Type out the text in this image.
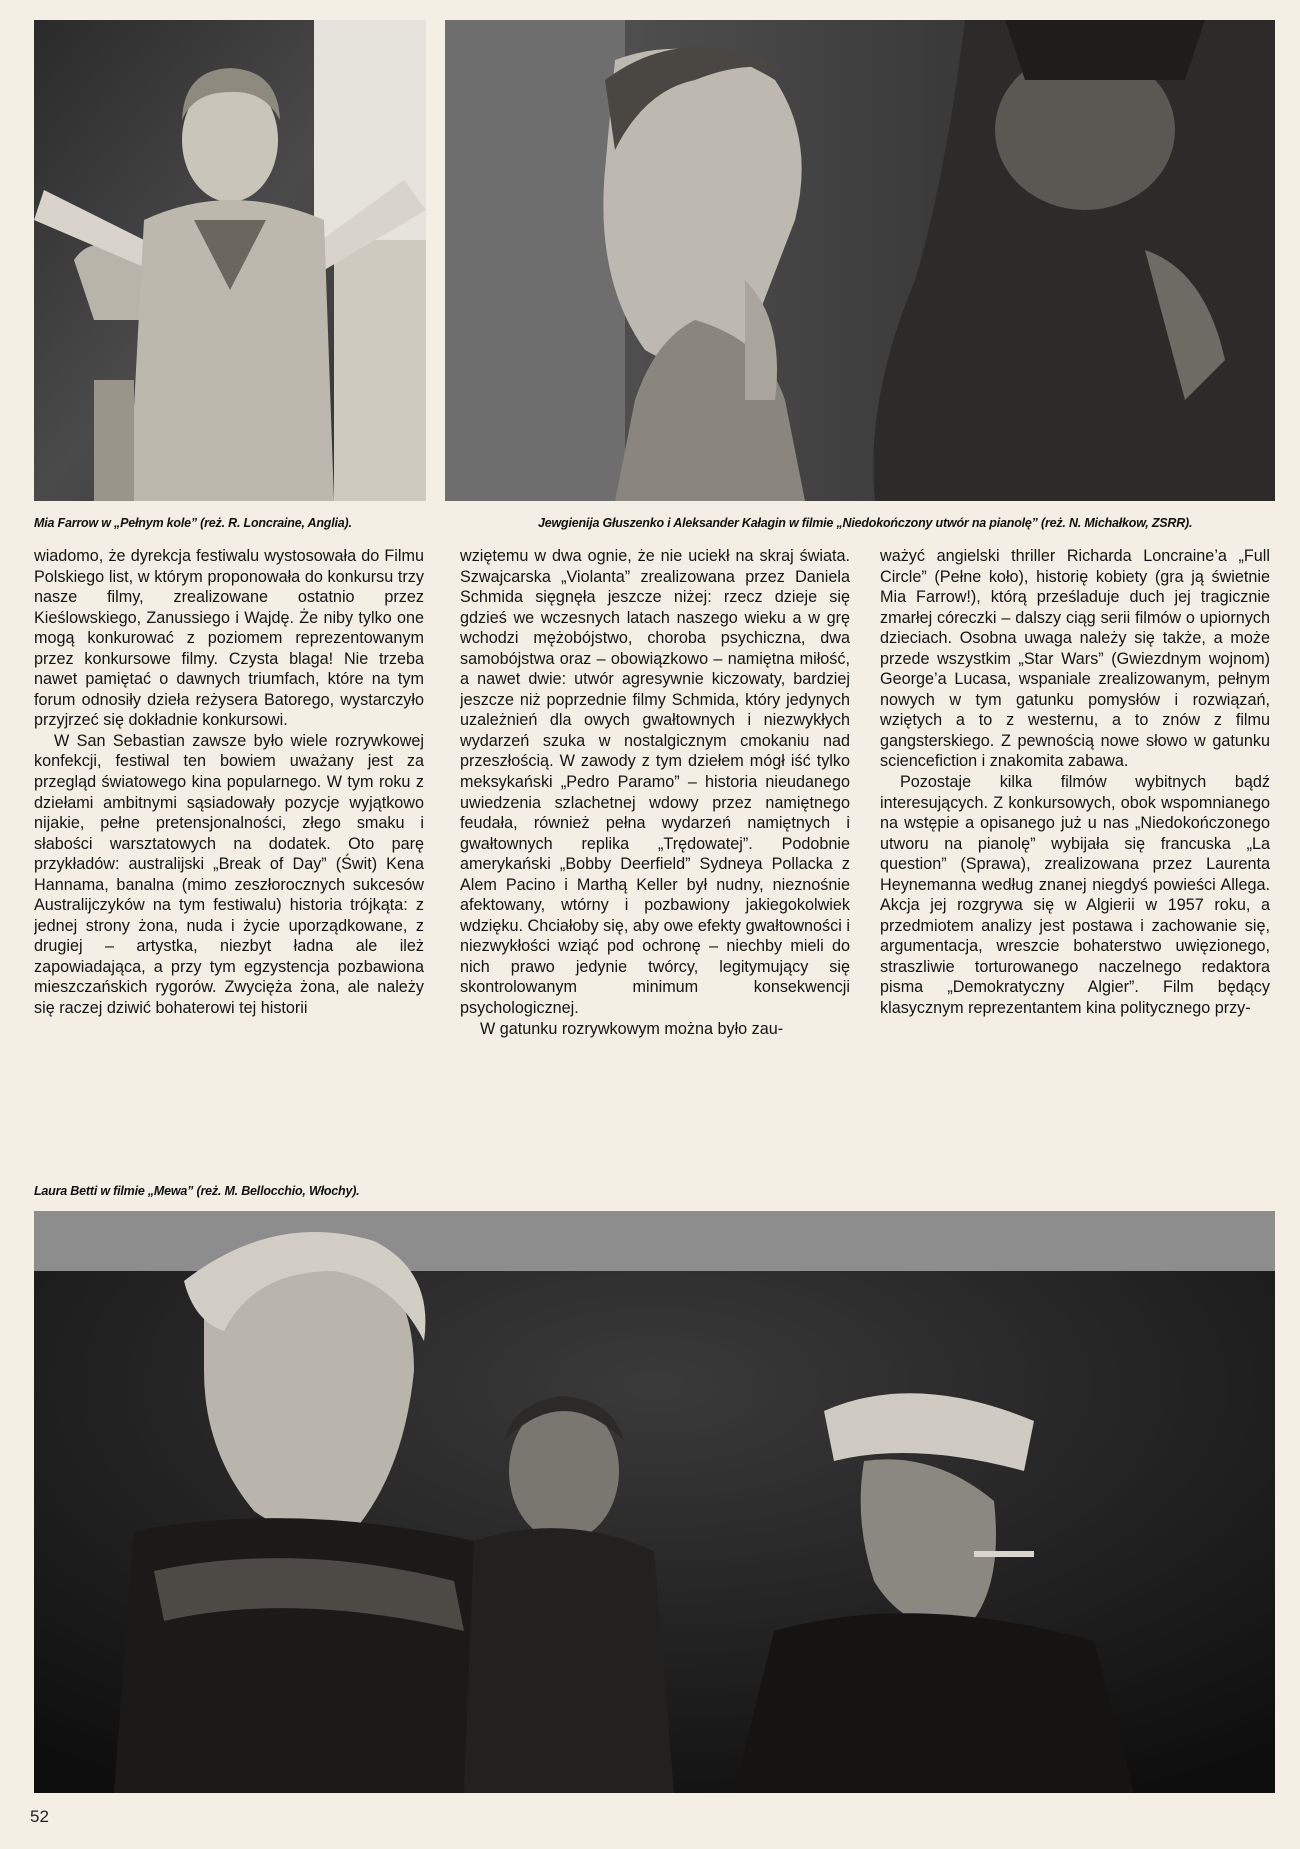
Mia Farrow w „Pełnym kole” (reż. R. Loncraine, Anglia).	Jewgienija Głuszenko i Aleksander Kałagin w filmie „Niedokończony utwór na pianolę” (reż. N. Michałkow, ZSRR).

wiadomo, że dyrekcja festiwalu wystosowała do Filmu Polskiego list, w którym proponowała do konkursu trzy nasze filmy, zrealizowane ostatnio przez Kieślowskiego, Zanussiego i Wajdę. Że niby tylko one mogą konkurować z poziomem reprezentowanym przez konkursowe filmy. Czysta blaga! Nie trzeba nawet pamiętać o dawnych triumfach, które na tym forum odnosiły dzieła reżysera Batorego, wystarczyło przyjrzeć się dokładnie konkursowi.

W San Sebastian zawsze było wiele rozrywkowej konfekcji, festiwal ten bowiem uważany jest za przegląd światowego kina popularnego. W tym roku z dziełami ambitnymi sąsiadowały pozycje wyjątkowo nijakie, pełne pretensjonalności, złego smaku i słabości warsztatowych na dodatek. Oto parę przykładów: australijski „Break of Day” (Świt) Kena Hannama, banalna (mimo zeszłorocznych sukcesów Australijczyków na tym festiwalu) historia trójkąta: z jednej strony żona, nuda i życie uporządkowane, z drugiej – artystka, niezbyt ładna ale ileż zapowiadająca, a przy tym egzystencja pozbawiona mieszczańskich rygorów. Zwycięża żona, ale należy się raczej dziwić bohaterowi tej historii

wziętemu w dwa ognie, że nie uciekł na skraj świata. Szwajcarska „Violanta” zrealizowana przez Daniela Schmida sięgnęła jeszcze niżej: rzecz dzieje się gdzieś we wczesnych latach naszego wieku a w grę wchodzi mężobójstwo, choroba psychiczna, dwa samobójstwa oraz – obowiązkowo – namiętna miłość, a nawet dwie: utwór agresywnie kiczowaty, bardziej jeszcze niż poprzednie filmy Schmida, który jedynych uzależnień dla owych gwałtownych i niezwykłych wydarzeń szuka w nostalgicznym cmokaniu nad przeszłością. W zawody z tym dziełem mógł iść tylko meksykański „Pedro Paramo” – historia nieudanego uwiedzenia szlachetnej wdowy przez namiętnego feudała, również pełna wydarzeń namiętnych i gwałtownych replika „Trędowatej”. Podobnie amerykański „Bobby Deerfield” Sydneya Pollacka z Alem Pacino i Marthą Keller był nudny, nieznośnie afektowany, wtórny i pozbawiony jakiegokolwiek wdzięku. Chciałoby się, aby owe efekty gwałtowności i niezwykłości wziąć pod ochronę – niechby mieli do nich prawo jedynie twórcy, legitymujący się skontrolowanym minimum konsekwencji psychologicznej.

W gatunku rozrywkowym można było zau-

ważyć angielski thriller Richarda Loncraine’a „Full Circle” (Pełne koło), historię kobiety (gra ją świetnie Mia Farrow!), którą prześladuje duch jej tragicznie zmarłej córeczki – dalszy ciąg serii filmów o upiornych dzieciach. Osobna uwaga należy się także, a może przede wszystkim „Star Wars” (Gwiezdnym wojnom) George’a Lucasa, wspaniale zrealizowanym, pełnym nowych w tym gatunku pomysłów i rozwiązań, wziętych a to z westernu, a to znów z filmu gangsterskiego. Z pewnością nowe słowo w gatunku sciencefiction i znakomita zabawa.

Pozostaje kilka filmów wybitnych bądź interesujących. Z konkursowych, obok wspomnianego na wstępie a opisanego już u nas „Niedokończonego utworu na pianolę” wybijała się francuska „La question” (Sprawa), zrealizowana przez Laurenta Heynemanna według znanej niegdyś powieści Allega. Akcja jej rozgrywa się w Algierii w 1957 roku, a przedmiotem analizy jest postawa i zachowanie się, argumentacja, wreszcie bohaterstwo uwięzionego, straszliwie torturowanego naczelnego redaktora pisma „Demokratyczny Algier”. Film będący klasycznym reprezentantem kina politycznego przy-

Laura Betti w filmie „Mewa” (reż. M. Bellocchio, Włochy).
52
